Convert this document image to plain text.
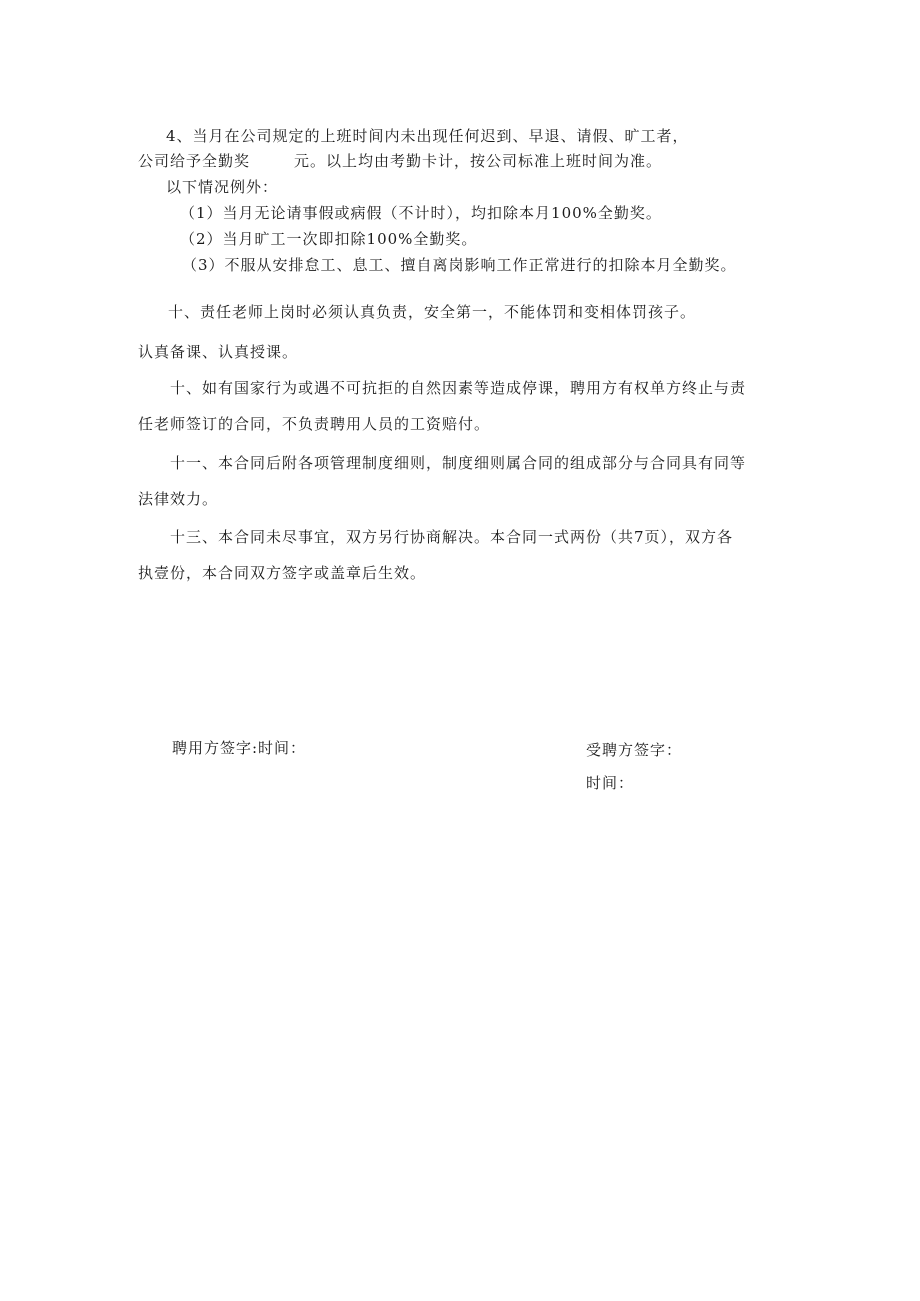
4、当月在公司规定的上班时间内未出现任何迟到、早退、请假、旷工者，
公司给予全勤奖	元。以上均由考勤卡计，按公司标准上班时间为准。
以下情况例外：
（1）当月无论请事假或病假（不计时），均扣除本月100%全勤奖。
（2）当月旷工一次即扣除100%全勤奖。
（3）不服从安排怠工、息工、擅自离岗影响工作正常进行的扣除本月全勤奖。
十、责任老师上岗时必须认真负责，安全第一，不能体罚和变相体罚孩子。
认真备课、认真授课。
十、如有国家行为或遇不可抗拒的自然因素等造成停课，聘用方有权单方终止与责
任老师签订的合同，不负责聘用人员的工资赔付。
十一、本合同后附各项管理制度细则，制度细则属合同的组成部分与合同具有同等
法律效力。
十三、本合同未尽事宜，双方另行协商解决。本合同一式两份（共7页），双方各
执壹份，本合同双方签字或盖章后生效。
聘用方签字:时间：	受聘方签字：
时间：
